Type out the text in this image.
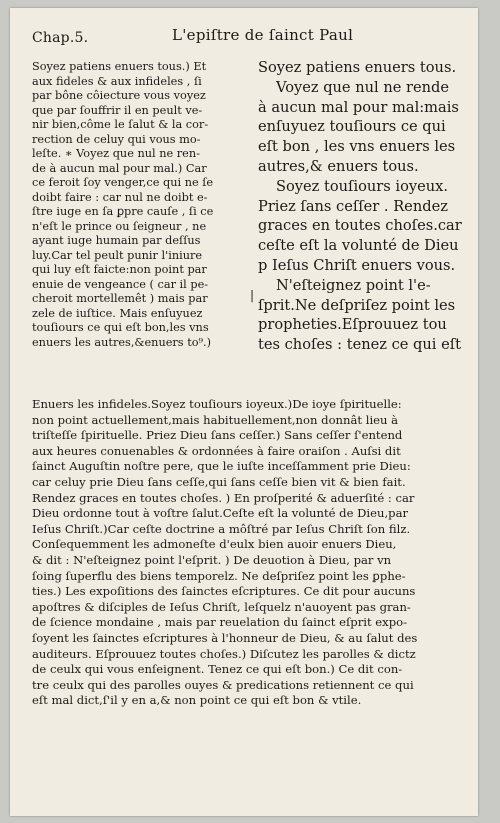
Chap.5.	L'epiſtre de ſainct Paul
Soyez patiens enuers tous.) Et
aux fideles & aux infideles , ſi
par bône côiecture vous voyez
que par ſouffrir il en peult ve-
nir bien,côme le ſalut & la cor-
rection de celuy qui vous mo-
leſte. ∗ Voyez que nul ne ren-
de à aucun mal pour mal.) Car
ce feroit ſoy venger,ce qui ne ſe
doibt faire : car nul ne doibt e-
ſtre iuge en ſa ꝑpre cauſe , ſi ce
n'eſt le prince ou ſeigneur , ne
ayant iuge humain par deſſus
luy.Car tel peult punir l'iniure
qui luy eſt faicte:non point par
enuie de vengeance ( car il pe-
cheroit mortellemêt ) mais par
zele de iuſtice. Mais enſuyuez
touſiours ce qui eſt bon,les vns
enuers les autres,&enuers to⁹.)
|
Soyez patiens enuers tous.
Voyez que nul ne rende
à aucun mal pour mal:mais
enſuyuez touſiours ce qui
eſt bon , les vns enuers les
autres,& enuers tous.
Soyez touſiours ioyeux.
Priez ſans ceſſer . Rendez
graces en toutes choſes.car
ceſte eſt la volunté de Dieu
p Ieſus Chriſt enuers vous.
N'eſteignez point l'e-
ſprit.Ne deſpriſez point les
propheties.Eſprouuez tou
tes choſes : tenez ce qui eſt
Enuers les infideles.Soyez touſiours ioyeux.)De ioye ſpirituelle:
non point actuellement,mais habituellement,non donnât lieu à
triſteſſe ſpirituelle. Priez Dieu ſans ceſſer.) Sans ceſſer ſ'entend
aux heures conuenables & ordonnées à faire oraiſon . Auſsi dit
ſainct Auguſtin noſtre pere, que le iuſte inceſſamment prie Dieu:
car celuy prie Dieu ſans ceſſe,qui ſans ceſſe bien vit & bien fait.
Rendez graces en toutes choſes. ) En proſperité & aduerſité : car
Dieu ordonne tout à voſtre ſalut.Ceſte eſt la volunté de Dieu,par
Ieſus Chriſt.)Car ceſte doctrine a môſtré par Ieſus Chriſt ſon filz.
Conſequemment les admoneſte d'eulx bien auoir enuers Dieu,
& dit : N'eſteignez point l'eſprit. ) De deuotion à Dieu, par vn
ſoing ſuperflu des biens temporelz. Ne deſpriſez point les ꝑphe-
ties.) Les expoſitions des ſainctes eſcriptures. Ce dit pour aucuns
apoſtres & diſciples de Ieſus Chriſt, leſquelz n'auoyent pas gran-
de ſcience mondaine , mais par reuelation du ſainct eſprit expo-
ſoyent les ſainctes eſcriptures à l'honneur de Dieu, & au ſalut des
auditeurs. Eſprouuez toutes choſes.) Diſcutez les parolles & dictz
de ceulx qui vous enſeignent. Tenez ce qui eſt bon.) Ce dit con-
tre ceulx qui des parolles ouyes & predications retiennent ce qui
eſt mal dict,ſ'il y en a,& non point ce qui eſt bon & vtile.
